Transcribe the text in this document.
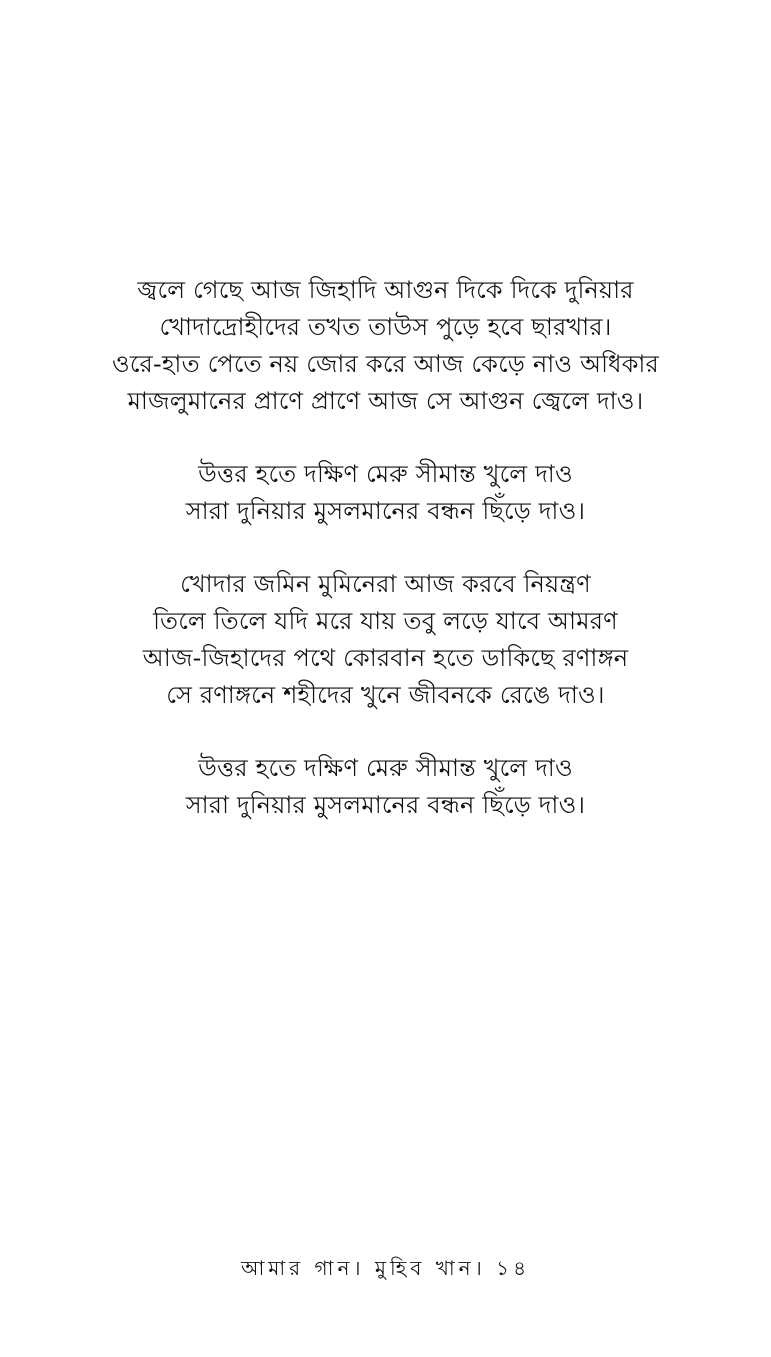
জ্বলে গেছে আজ জিহাদি আগুন দিকে দিকে দুনিয়ার
খোদাদ্রোহীদের তখত তাউস পুড়ে হবে ছারখার।
ওরে-হাত পেতে নয় জোর করে আজ কেড়ে নাও অধিকার
মাজলুমানের প্রাণে প্রাণে আজ সে আগুন জ্বেলে দাও।
উত্তর হতে দক্ষিণ মেরু সীমান্ত খুলে দাও
সারা দুনিয়ার মুসলমানের বন্ধন ছিঁড়ে দাও।
খোদার জমিন মুমিনেরা আজ করবে নিয়ন্ত্রণ
তিলে তিলে যদি মরে যায় তবু লড়ে যাবে আমরণ
আজ-জিহাদের পথে কোরবান হতে ডাকিছে রণাঙ্গন
সে রণাঙ্গনে শহীদের খুনে জীবনকে রেঙে দাও।
উত্তর হতে দক্ষিণ মেরু সীমান্ত খুলে দাও
সারা দুনিয়ার মুসলমানের বন্ধন ছিঁড়ে দাও।
আমার গান। মুহিব খান। ১৪
